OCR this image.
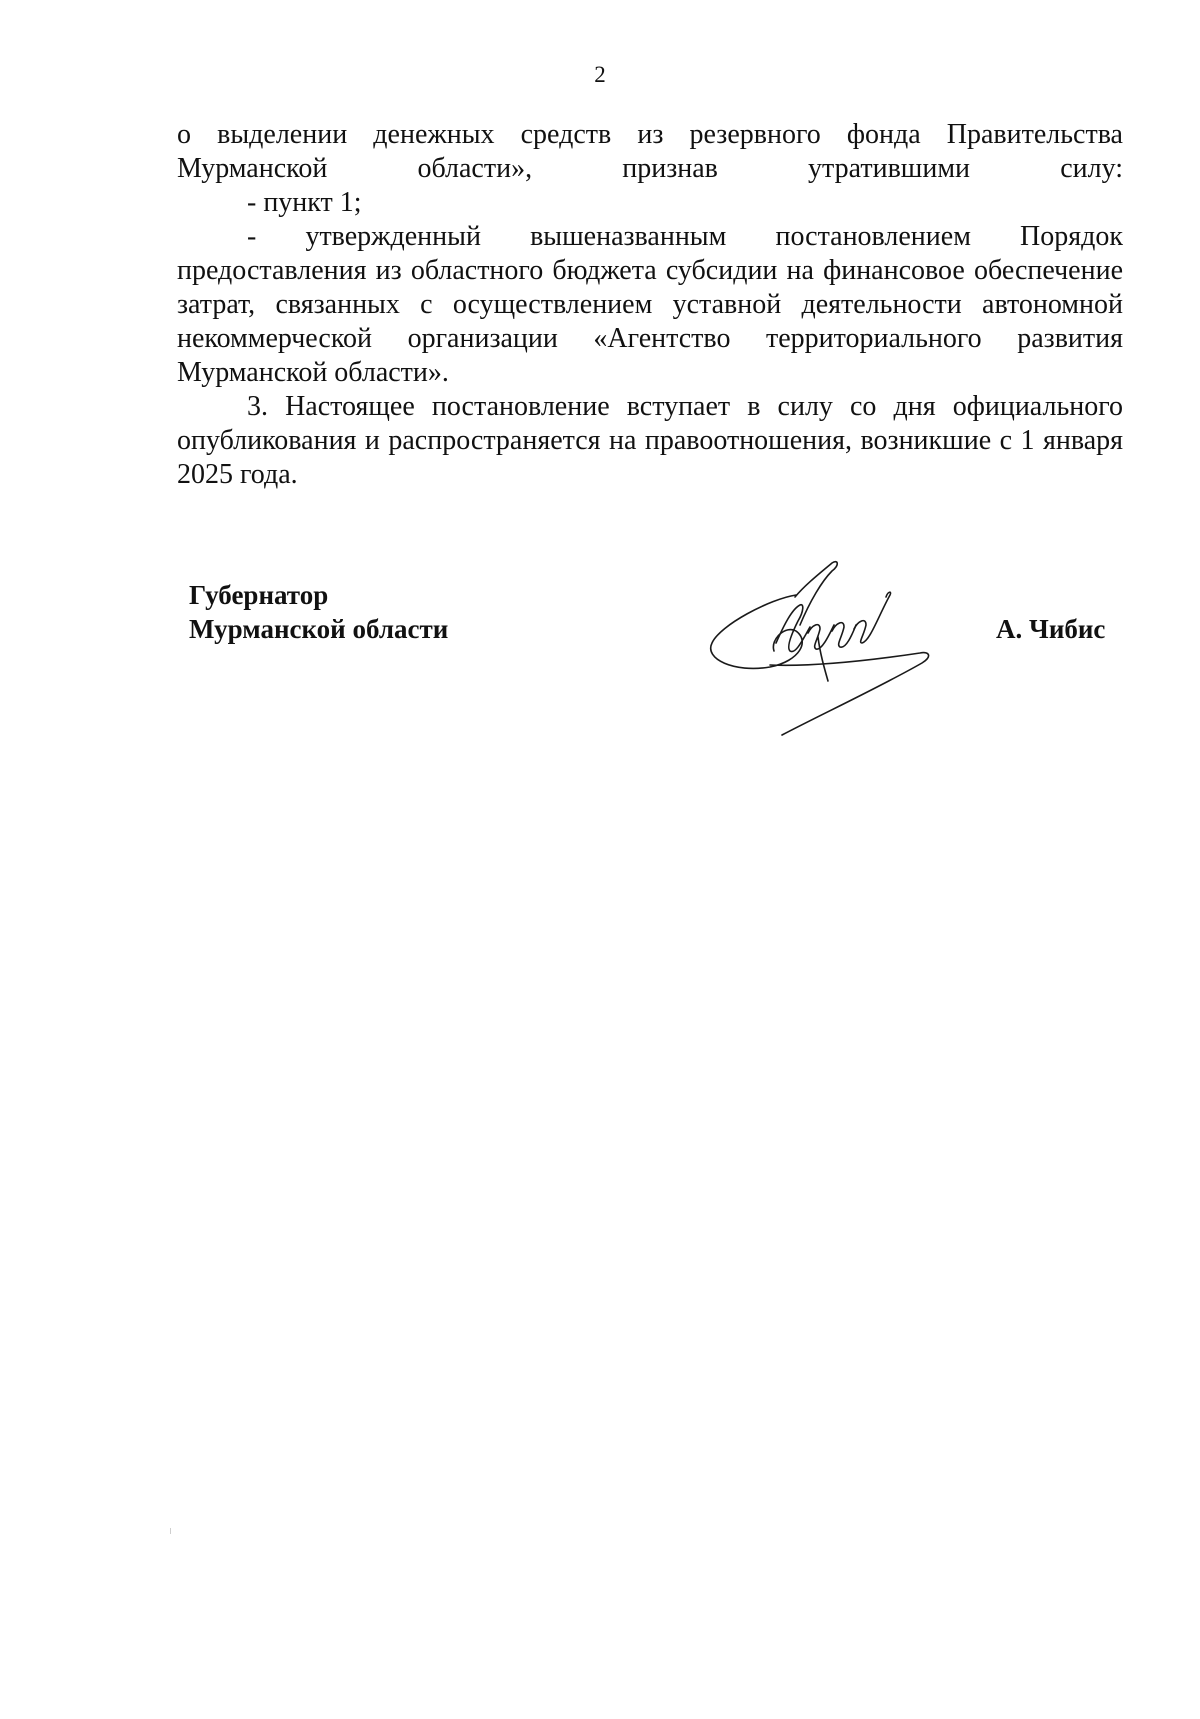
2

о выделении денежных средств из резервного фонда Правительства Мурманской области», признав утратившими силу:

- пункт 1;

- утвержденный вышеназванным постановлением Порядок предоставления из областного бюджета субсидии на финансовое обеспечение затрат, связанных с осуществлением уставной деятельности автономной некоммерческой организации «Агентство территориального развития Мурманской области».

3. Настоящее постановление вступает в силу со дня официального опубликования и распространяется на правоотношения, возникшие с 1 января 2025 года.

Губернатор
Мурманской области	А. Чибис
